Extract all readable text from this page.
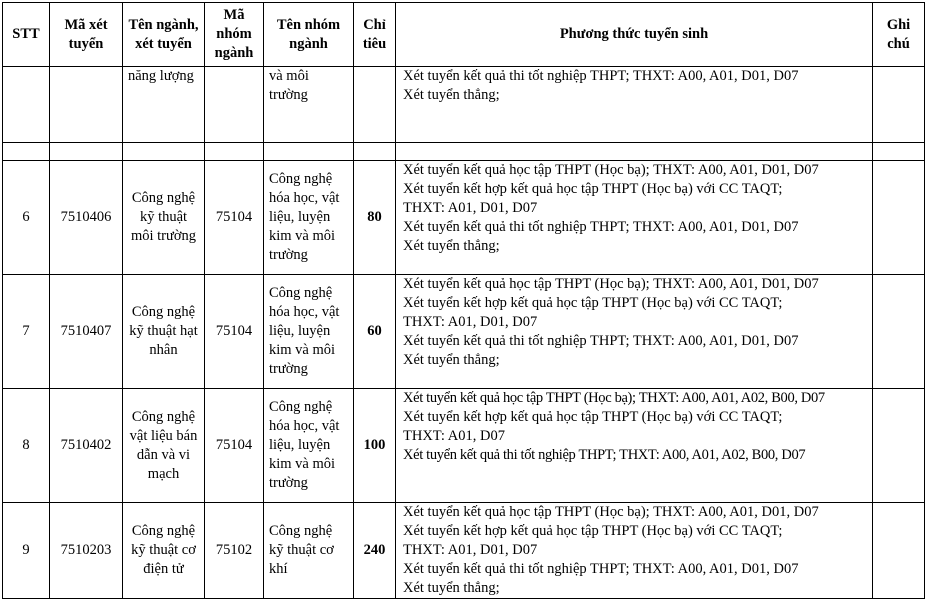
STT	Mã xét tuyển	Tên ngành, xét tuyển	Mã nhóm ngành	Tên nhóm ngành	Chỉ tiêu	Phương thức tuyển sinh	Ghi chú
		năng lượng		và môi trường		Xét tuyển kết quả thi tốt nghiệp THPT; THXT: A00, A01, D01, D07
Xét tuyển thẳng;	

6	7510406	Công nghệ kỹ thuật môi trường	75104	Công nghệ hóa học, vật liệu, luyện kim và môi trường	80	Xét tuyển kết quả học tập THPT (Học bạ); THXT: A00, A01, D01, D07
Xét tuyển kết hợp kết quả học tập THPT (Học bạ) với CC TAQT;
THXT: A01, D01, D07
Xét tuyển kết quả thi tốt nghiệp THPT; THXT: A00, A01, D01, D07
Xét tuyển thẳng;	

7	7510407	Công nghệ kỹ thuật hạt nhân	75104	Công nghệ hóa học, vật liệu, luyện kim và môi trường	60	Xét tuyển kết quả học tập THPT (Học bạ); THXT: A00, A01, D01, D07
Xét tuyển kết hợp kết quả học tập THPT (Học bạ) với CC TAQT;
THXT: A01, D01, D07
Xét tuyển kết quả thi tốt nghiệp THPT; THXT: A00, A01, D01, D07
Xét tuyển thẳng;	

8	7510402	Công nghệ vật liệu bán dẫn và vi mạch	75104	Công nghệ hóa học, vật liệu, luyện kim và môi trường	100	Xét tuyển kết quả học tập THPT (Học bạ); THXT: A00, A01, A02, B00, D07
Xét tuyển kết hợp kết quả học tập THPT (Học bạ) với CC TAQT;
THXT: A01, D07
Xét tuyển kết quả thi tốt nghiệp THPT; THXT: A00, A01, A02, B00, D07	

9	7510203	Công nghệ kỹ thuật cơ điện tử	75102	Công nghệ kỹ thuật cơ khí	240	Xét tuyển kết quả học tập THPT (Học bạ); THXT: A00, A01, D01, D07
Xét tuyển kết hợp kết quả học tập THPT (Học bạ) với CC TAQT;
THXT: A01, D01, D07
Xét tuyển kết quả thi tốt nghiệp THPT; THXT: A00, A01, D01, D07
Xét tuyển thẳng;	
